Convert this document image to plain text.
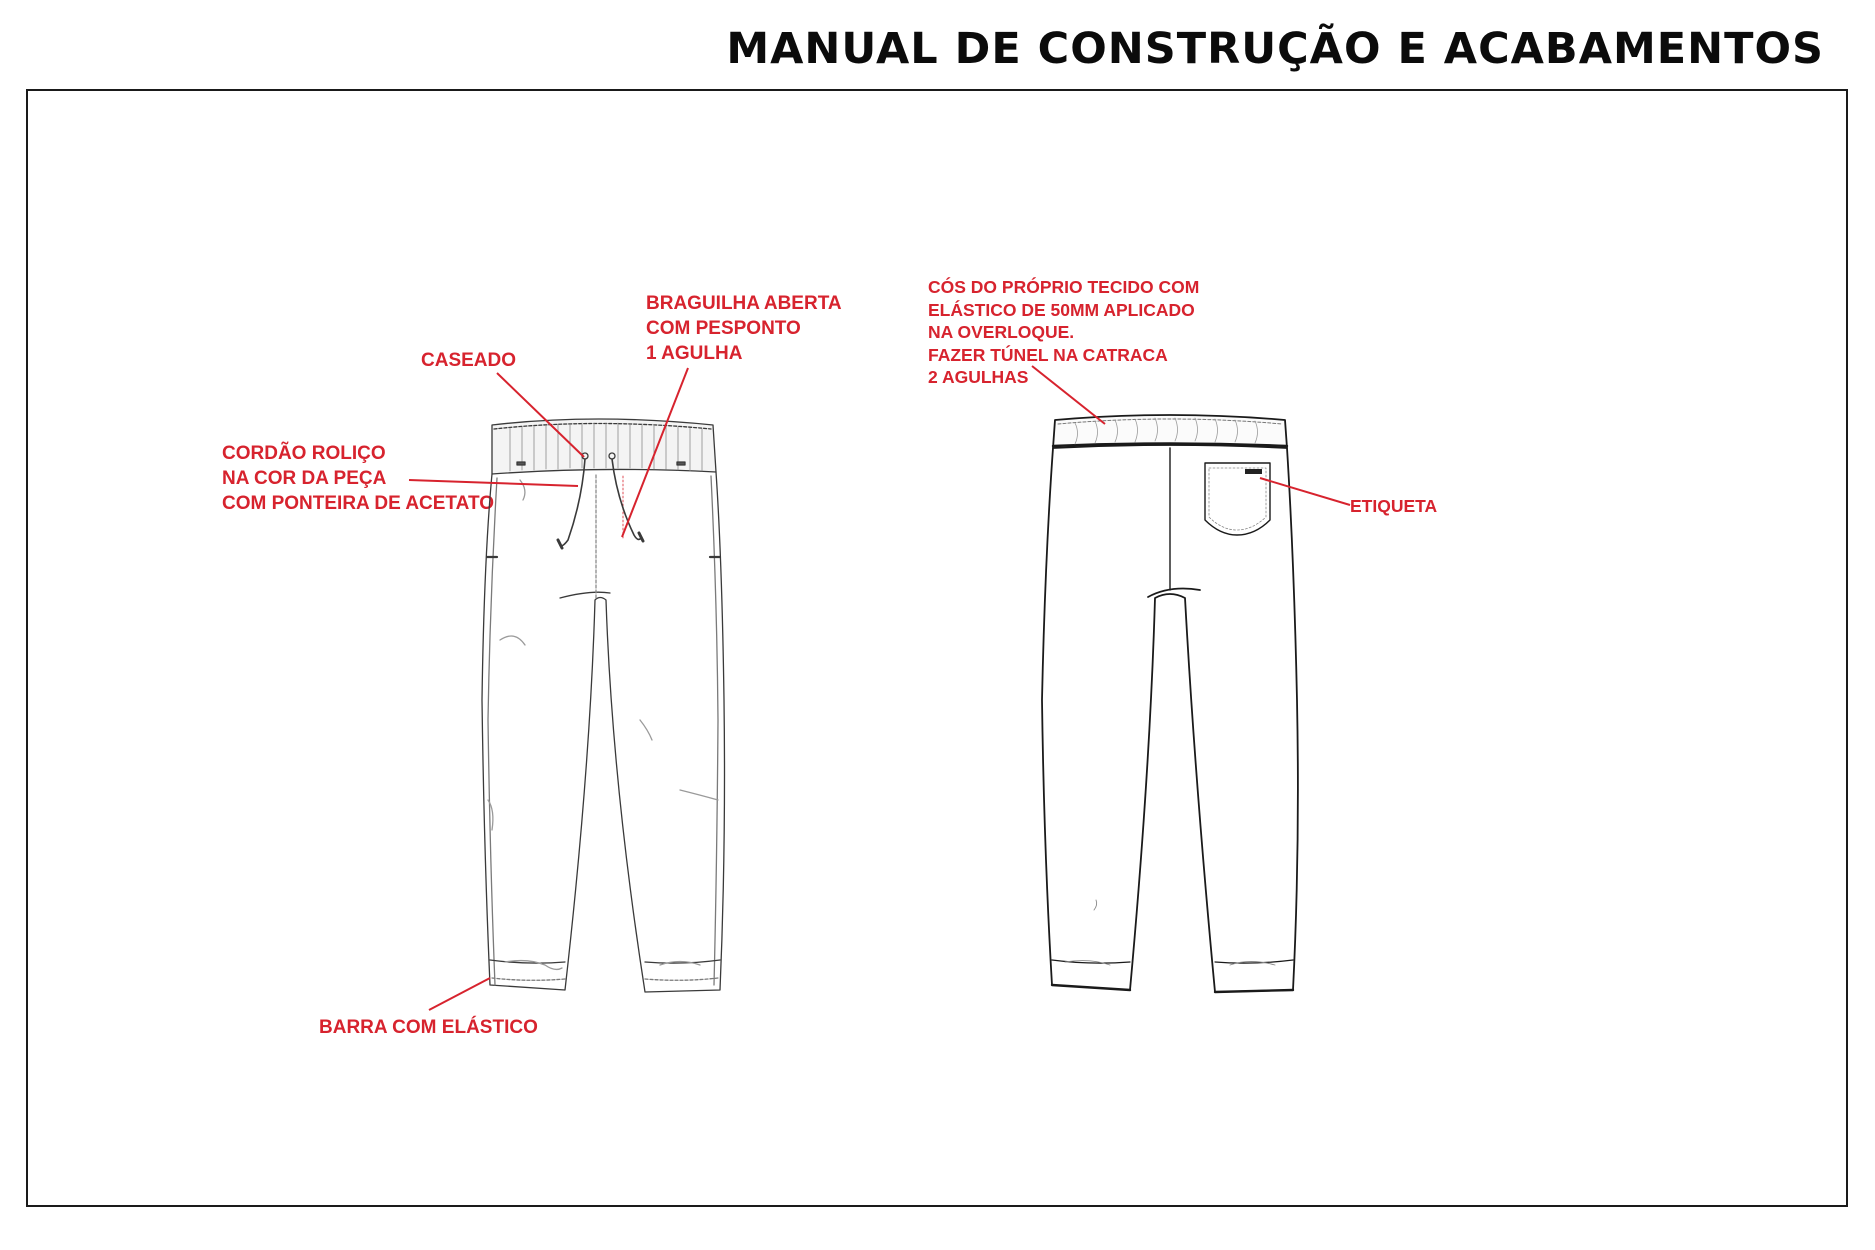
MANUAL DE CONSTRUÇÃO E ACABAMENTOS
BRAGUILHA ABERTA
COM PESPONTO
1 AGULHA
CASEADO
CORDÃO ROLIÇO
NA COR DA PEÇA
COM PONTEIRA DE ACETATO
BARRA COM ELÁSTICO
CÓS DO PRÓPRIO TECIDO COM
ELÁSTICO DE 50MM APLICADO
NA OVERLOQUE.
FAZER TÚNEL NA CATRACA
2 AGULHAS
ETIQUETA
